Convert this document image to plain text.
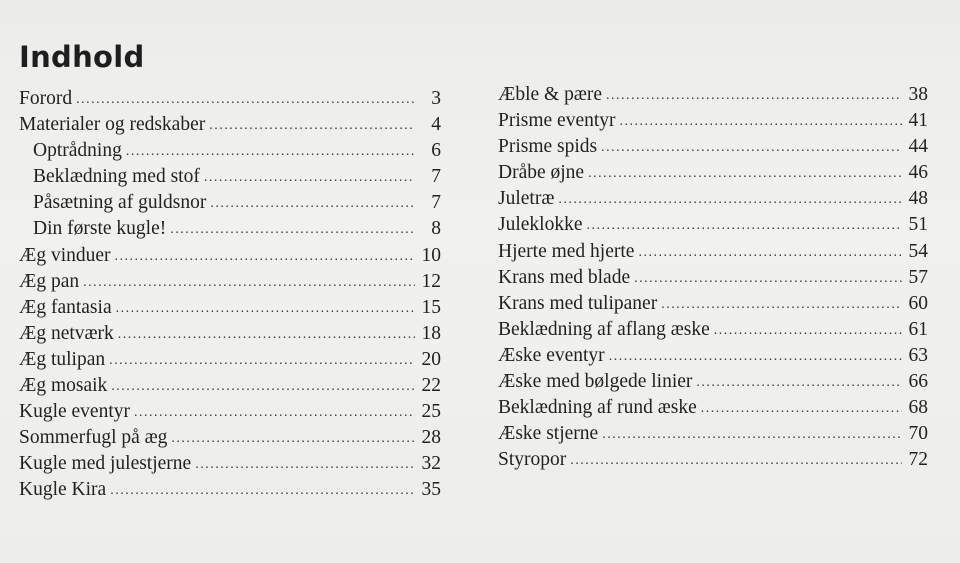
Indhold
Forord .....	3
Materialer og redskaber .....	4
Optrådning .....	6
Beklædning med stof .....	7
Påsætning af guldsnor .....	7
Din første kugle! .....	8
Æg vinduer .....	10
Æg pan .....	12
Æg fantasia .....	15
Æg netværk .....	18
Æg tulipan .....	20
Æg mosaik .....	22
Kugle eventyr .....	25
Sommerfugl på æg .....	28
Kugle med julestjerne .....	32
Kugle Kira .....	35
Æble & pære .....	38
Prisme eventyr .....	41
Prisme spids .....	44
Dråbe øjne .....	46
Juletræ .....	48
Juleklokke .....	51
Hjerte med hjerte .....	54
Krans med blade .....	57
Krans med tulipaner .....	60
Beklædning af aflang æske .....	61
Æske eventyr .....	63
Æske med bølgede linier .....	66
Beklædning af rund æske .....	68
Æske stjerne .....	70
Styropor .....	72
